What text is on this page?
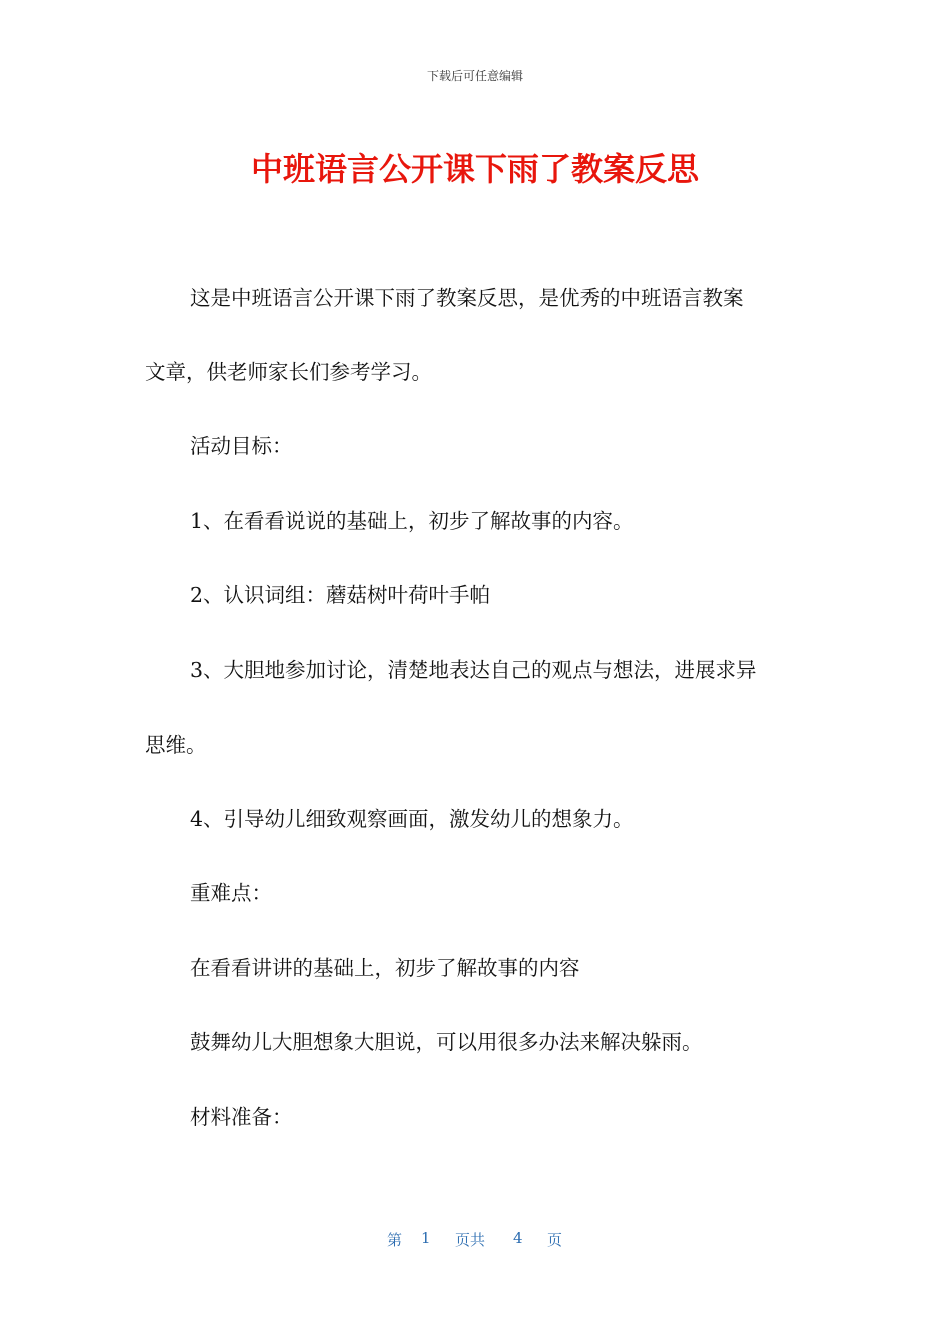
下载后可任意编辑
中班语言公开课下雨了教案反思
这是中班语言公开课下雨了教案反思，是优秀的中班语言教案
文章，供老师家长们参考学习。
活动目标：
1、在看看说说的基础上，初步了解故事的内容。
2、认识词组：蘑菇树叶荷叶手帕
3、大胆地参加讨论，清楚地表达自己的观点与想法，进展求异
思维。
4、引导幼儿细致观察画面，激发幼儿的想象力。
重难点：
在看看讲讲的基础上，初步了解故事的内容
鼓舞幼儿大胆想象大胆说，可以用很多办法来解决躲雨。
材料准备：
第 1 页共 4 页
